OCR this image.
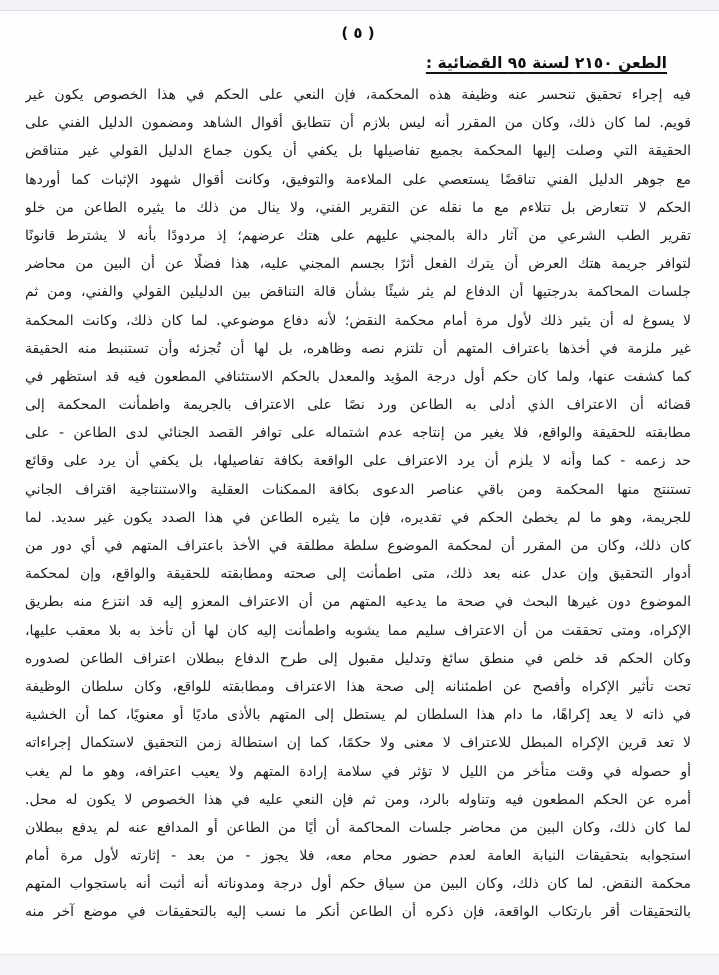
( ٥ )
الطعن ٢١٥٠ لسنة ٩٥ القضائية :
فيه إجراء تحقيق تنحسر عنه وظيفة هذه المحكمة، فإن النعي على الحكم في هذا الخصوص يكون غير
قويم. لما كان ذلك، وكان من المقرر أنه ليس بلازم أن تتطابق أقوال الشاهد ومضمون الدليل الفني على
الحقيقة التي وصلت إليها المحكمة بجميع تفاصيلها بل يكفي أن يكون جماع الدليل القولي غير متناقض
مع جوهر الدليل الفني تناقضًا يستعصي على الملاءمة والتوفيق، وكانت أقوال شهود الإثبات كما أوردها
الحكم لا تتعارض بل تتلاءم مع ما نقله عن التقرير الفني، ولا ينال من ذلك ما يثيره الطاعن من خلو
تقرير الطب الشرعي من آثار دالة بالمجني عليهم على هتك عرضهم؛ إذ مردودًا بأنه لا يشترط قانونًا
لتوافر جريمة هتك العرض أن يترك الفعل أثرًا بجسم المجني عليه، هذا فضلًا عن أن البين من محاضر
جلسات المحاكمة بدرجتيها أن الدفاع لم يثر شيئًا بشأن قالة التناقض بين الدليلين القولي والفني، ومن ثم
لا يسوغ له أن يثير ذلك لأول مرة أمام محكمة النقض؛ لأنه دفاع موضوعي. لما كان ذلك، وكانت المحكمة
غير ملزمة في أخذها باعتراف المتهم أن تلتزم نصه وظاهره، بل لها أن تُجزئه وأن تستنبط منه الحقيقة
كما كشفت عنها، ولما كان حكم أول درجة المؤيد والمعدل بالحكم الاستئنافي المطعون فيه قد استظهر في
قضائه أن الاعتراف الذي أدلى به الطاعن ورد نصًا على الاعتراف بالجريمة واطمأنت المحكمة إلى
مطابقته للحقيقة والواقع، فلا يغير من إنتاجه عدم اشتماله على توافر القصد الجنائي لدى الطاعن - على
حد زعمه - كما وأنه لا يلزم أن يرد الاعتراف على الواقعة بكافة تفاصيلها، بل يكفي أن يرد على وقائع
تستنتج منها المحكمة ومن باقي عناصر الدعوى بكافة الممكنات العقلية والاستنتاجية اقتراف الجاني
للجريمة، وهو ما لم يخطئ الحكم في تقديره، فإن ما يثيره الطاعن في هذا الصدد يكون غير سديد. لما
كان ذلك، وكان من المقرر أن لمحكمة الموضوع سلطة مطلقة في الأخذ باعتراف المتهم في أي دور من
أدوار التحقيق وإن عدل عنه بعد ذلك، متى اطمأنت إلى صحته ومطابقته للحقيقة والواقع، وإن لمحكمة
الموضوع دون غيرها البحث في صحة ما يدعيه المتهم من أن الاعتراف المعزو إليه قد انتزع منه بطريق
الإكراه، ومتى تحققت من أن الاعتراف سليم مما يشوبه واطمأنت إليه كان لها أن تأخذ به بلا معقب عليها،
وكان الحكم قد خلص في منطق سائغ وتدليل مقبول إلى طرح الدفاع ببطلان اعتراف الطاعن لصدوره
تحت تأثير الإكراه وأفصح عن اطمئنانه إلى صحة هذا الاعتراف ومطابقته للواقع، وكان سلطان الوظيفة
في ذاته لا يعد إكراهًا، ما دام هذا السلطان لم يستطل إلى المتهم بالأذى ماديًا أو معنويًا، كما أن الخشية
لا تعد قرين الإكراه المبطل للاعتراف لا معنى ولا حكمًا، كما إن استطالة زمن التحقيق لاستكمال إجراءاته
أو حصوله في وقت متأخر من الليل لا تؤثر في سلامة إرادة المتهم ولا يعيب اعترافه، وهو ما لم يغب
أمره عن الحكم المطعون فيه وتناوله بالرد، ومن ثم فإن النعي عليه في هذا الخصوص لا يكون له محل.
لما كان ذلك، وكان البين من محاضر جلسات المحاكمة أن أيًا من الطاعن أو المدافع عنه لم يدفع ببطلان
استجوابه بتحقيقات النيابة العامة لعدم حضور محام معه، فلا يجوز - من بعد - إثارته لأول مرة أمام
محكمة النقض. لما كان ذلك، وكان البين من سياق حكم أول درجة ومدوناته أنه أثبت أنه باستجواب المتهم
بالتحقيقات أقر بارتكاب الواقعة، فإن ذكره أن الطاعن أنكر ما نسب إليه بالتحقيقات في موضع آخر منه
